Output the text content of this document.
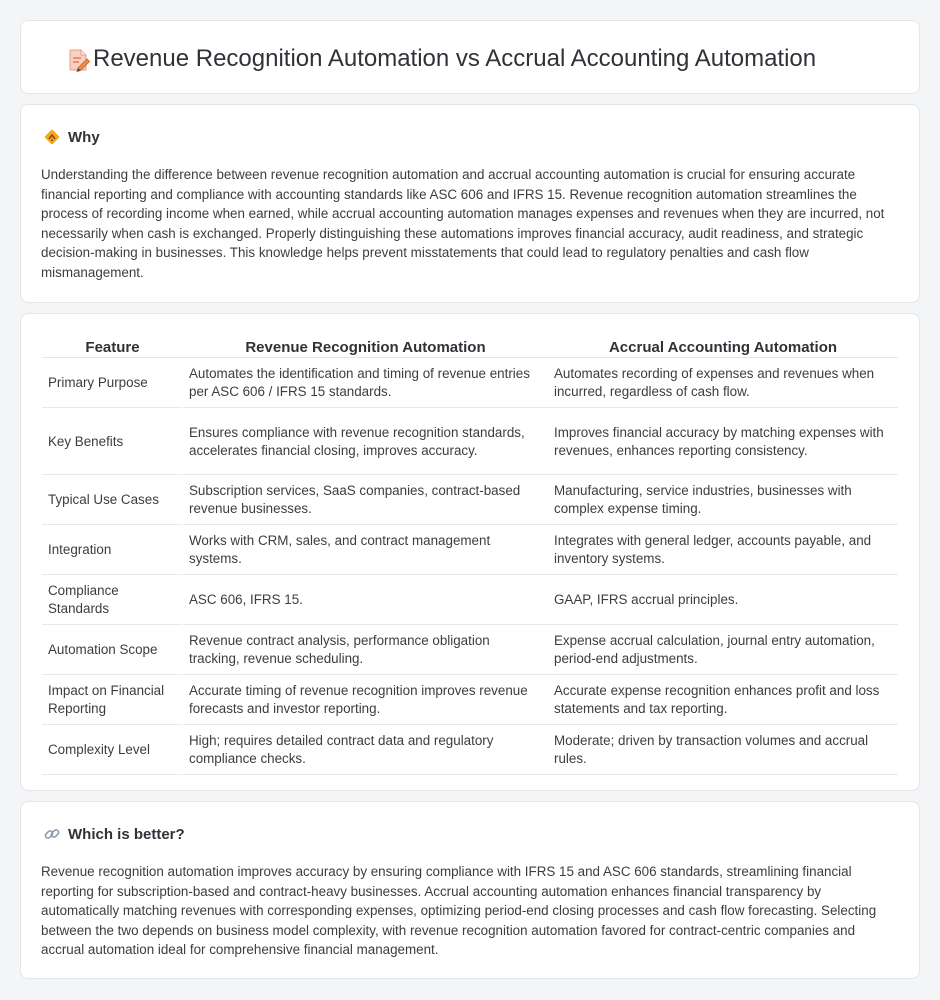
Revenue Recognition Automation vs Accrual Accounting Automation
Why

Understanding the difference between revenue recognition automation and accrual accounting automation is crucial for ensuring accurate financial reporting and compliance with accounting standards like ASC 606 and IFRS 15. Revenue recognition automation streamlines the process of recording income when earned, while accrual accounting automation manages expenses and revenues when they are incurred, not necessarily when cash is exchanged. Properly distinguishing these automations improves financial accuracy, audit readiness, and strategic decision-making in businesses. This knowledge helps prevent misstatements that could lead to regulatory penalties and cash flow mismanagement.

Feature	Revenue Recognition Automation	Accrual Accounting Automation
Primary Purpose	Automates the identification and timing of revenue entries per ASC 606 / IFRS 15 standards.	Automates recording of expenses and revenues when incurred, regardless of cash flow.
Key Benefits	Ensures compliance with revenue recognition standards, accelerates financial closing, improves accuracy.	Improves financial accuracy by matching expenses with revenues, enhances reporting consistency.
Typical Use Cases	Subscription services, SaaS companies, contract-based revenue businesses.	Manufacturing, service industries, businesses with complex expense timing.
Integration	Works with CRM, sales, and contract management systems.	Integrates with general ledger, accounts payable, and inventory systems.
Compliance Standards	ASC 606, IFRS 15.	GAAP, IFRS accrual principles.
Automation Scope	Revenue contract analysis, performance obligation tracking, revenue scheduling.	Expense accrual calculation, journal entry automation, period-end adjustments.
Impact on Financial Reporting	Accurate timing of revenue recognition improves revenue forecasts and investor reporting.	Accurate expense recognition enhances profit and loss statements and tax reporting.
Complexity Level	High; requires detailed contract data and regulatory compliance checks.	Moderate; driven by transaction volumes and accrual rules.
Which is better?

Revenue recognition automation improves accuracy by ensuring compliance with IFRS 15 and ASC 606 standards, streamlining financial reporting for subscription-based and contract-heavy businesses. Accrual accounting automation enhances financial transparency by automatically matching revenues with corresponding expenses, optimizing period-end closing processes and cash flow forecasting. Selecting between the two depends on business model complexity, with revenue recognition automation favored for contract-centric companies and accrual automation ideal for comprehensive financial management.
